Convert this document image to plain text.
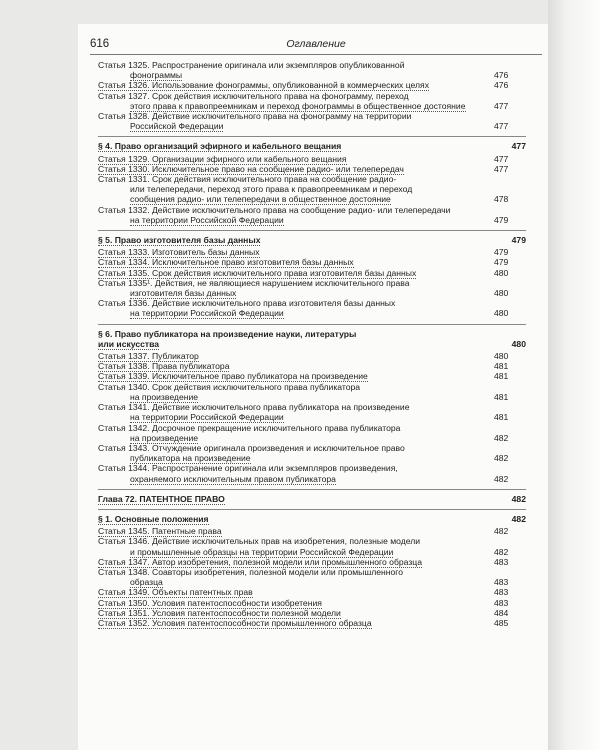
616	Оглавление
Статья 1325. Распространение оригинала или экземпляров опубликованной
фонограммы	476
Статья 1326. Использование фонограммы, опубликованной в коммерческих целях	476
Статья 1327. Срок действия исключительного права на фонограмму, переход
этого права к правопреемникам и переход фонограммы в общественное достояние	477
Статья 1328. Действие исключительного права на фонограмму на территории
Российской Федерации	477
§ 4. Право организаций эфирного и кабельного вещания	477
Статья 1329. Организации эфирного или кабельного вещания	477
Статья 1330. Исключительное право на сообщение радио- или телепередач	477
Статья 1331. Срок действия исключительного права на сообщение радио-
или телепередачи, переход этого права к правопреемникам и переход
сообщения радио- или телепередачи в общественное достояние	478
Статья 1332. Действие исключительного права на сообщение радио- или телепередачи
на территории Российской Федерации	479
§ 5. Право изготовителя базы данных	479
Статья 1333. Изготовитель базы данных	479
Статья 1334. Исключительное право изготовителя базы данных	479
Статья 1335. Срок действия исключительного права изготовителя базы данных	480
Статья 1335¹. Действия, не являющиеся нарушением исключительного права
изготовителя базы данных	480
Статья 1336. Действие исключительного права изготовителя базы данных
на территории Российской Федерации	480
§ 6. Право публикатора на произведение науки, литературы
или искусства	480
Статья 1337. Публикатор	480
Статья 1338. Права публикатора	481
Статья 1339. Исключительное право публикатора на произведение	481
Статья 1340. Срок действия исключительного права публикатора
на произведение	481
Статья 1341. Действие исключительного права публикатора на произведение
на территории Российской Федерации	481
Статья 1342. Досрочное прекращение исключительного права публикатора
на произведение	482
Статья 1343. Отчуждение оригинала произведения и исключительное право
публикатора на произведение	482
Статья 1344. Распространение оригинала или экземпляров произведения,
охраняемого исключительным правом публикатора	482
Глава 72. ПАТЕНТНОЕ ПРАВО	482
§ 1. Основные положения	482
Статья 1345. Патентные права	482
Статья 1346. Действие исключительных прав на изобретения, полезные модели
и промышленные образцы на территории Российской Федерации	482
Статья 1347. Автор изобретения, полезной модели или промышленного образца	483
Статья 1348. Соавторы изобретения, полезной модели или промышленного
образца	483
Статья 1349. Объекты патентных прав	483
Статья 1350. Условия патентоспособности изобретения	483
Статья 1351. Условия патентоспособности полезной модели	484
Статья 1352. Условия патентоспособности промышленного образца	485
